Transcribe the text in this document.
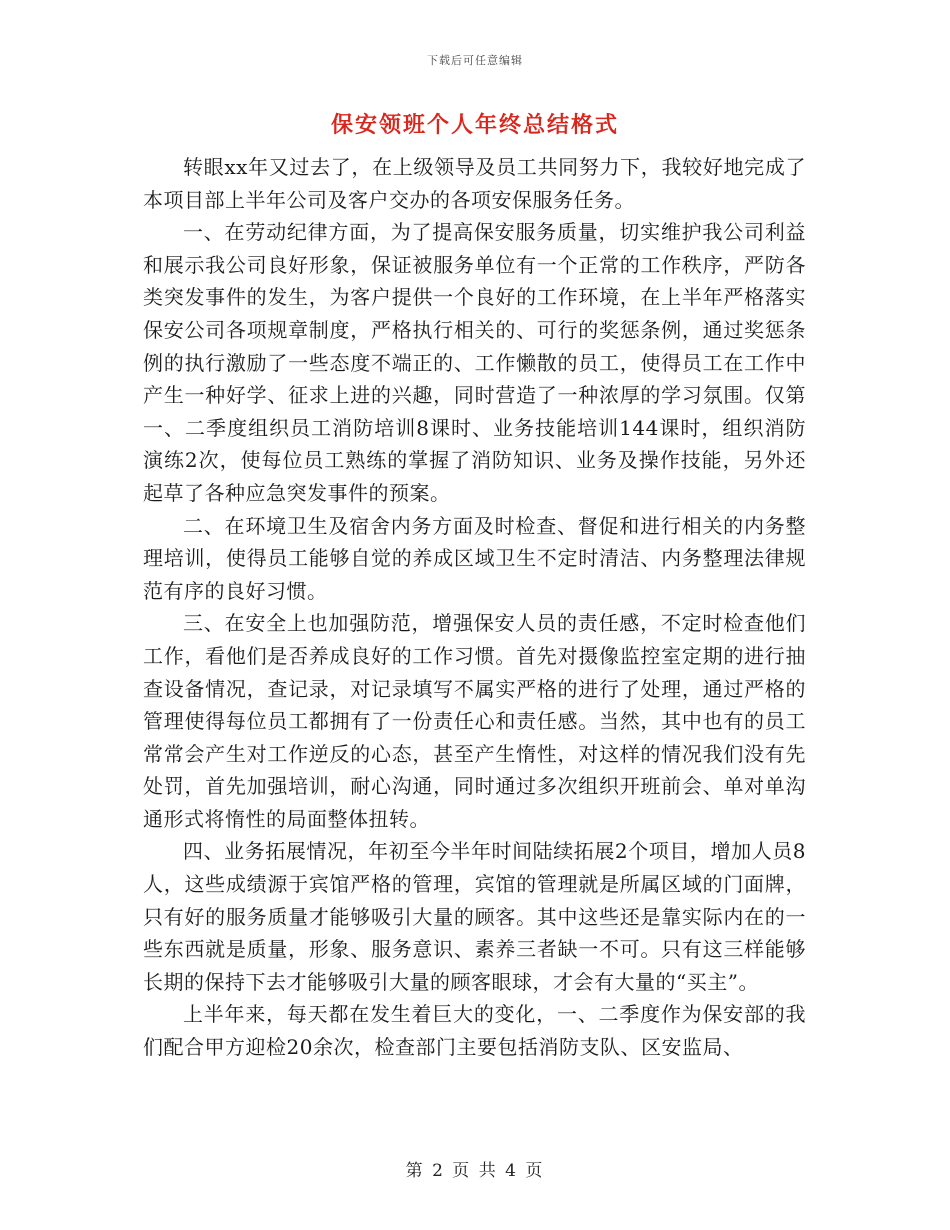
下载后可任意编辑
保安领班个人年终总结格式

转眼xx年又过去了，在上级领导及员工共同努力下，我较好地完成了本项目部上半年公司及客户交办的各项安保服务任务。

一、在劳动纪律方面，为了提高保安服务质量，切实维护我公司利益和展示我公司良好形象，保证被服务单位有一个正常的工作秩序，严防各类突发事件的发生，为客户提供一个良好的工作环境，在上半年严格落实保安公司各项规章制度，严格执行相关的、可行的奖惩条例，通过奖惩条例的执行激励了一些态度不端正的、工作懒散的员工，使得员工在工作中产生一种好学、征求上进的兴趣，同时营造了一种浓厚的学习氛围。仅第一、二季度组织员工消防培训8课时、业务技能培训144课时，组织消防演练2次，使每位员工熟练的掌握了消防知识、业务及操作技能，另外还起草了各种应急突发事件的预案。

二、在环境卫生及宿舍内务方面及时检查、督促和进行相关的内务整理培训，使得员工能够自觉的养成区域卫生不定时清洁、内务整理法律规范有序的良好习惯。

三、在安全上也加强防范，增强保安人员的责任感，不定时检查他们工作，看他们是否养成良好的工作习惯。首先对摄像监控室定期的进行抽查设备情况，查记录，对记录填写不属实严格的进行了处理，通过严格的管理使得每位员工都拥有了一份责任心和责任感。当然，其中也有的员工常常会产生对工作逆反的心态，甚至产生惰性，对这样的情况我们没有先处罚，首先加强培训，耐心沟通，同时通过多次组织开班前会、单对单沟通形式将惰性的局面整体扭转。

四、业务拓展情况，年初至今半年时间陆续拓展2个项目，增加人员8人，这些成绩源于宾馆严格的管理，宾馆的管理就是所属区域的门面牌，只有好的服务质量才能够吸引大量的顾客。其中这些还是靠实际内在的一些东西就是质量，形象、服务意识、素养三者缺一不可。只有这三样能够长期的保持下去才能够吸引大量的顾客眼球，才会有大量的“买主”。

上半年来，每天都在发生着巨大的变化，一、二季度作为保安部的我们配合甲方迎检20余次，检查部门主要包括消防支队、区安监局、

第 2 页 共 4 页
